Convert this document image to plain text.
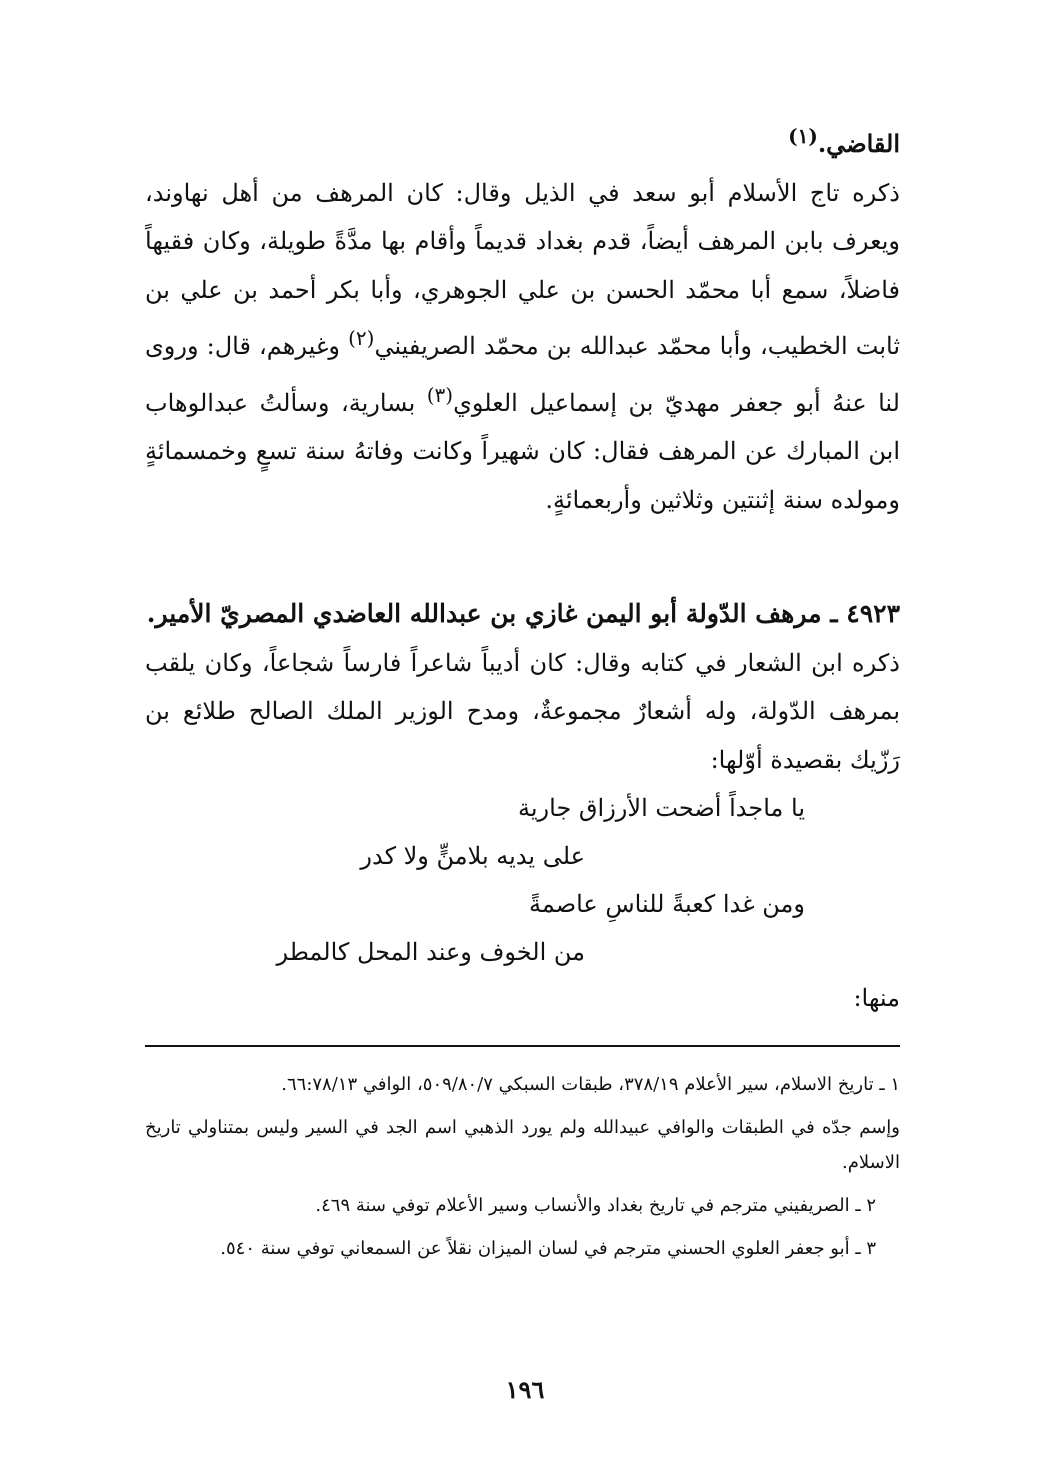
القاضي.$^{(١)}$

ذكره تاج الأسلام أبو سعد في الذيل وقال: كان المرهف من أهل نهاوند، ويعرف بابن المرهف أيضاً، قدم بغداد قديماً وأقام بها مدَّةً طويلة، وكان فقيهاً فاضلاً، سمع أبا محمّد الحسن بن علي الجوهري، وأبا بكر أحمد بن علي بن ثابت الخطيب، وأبا محمّد عبدالله بن محمّد الصريفيني$^{(٢)}$ وغيرهم، قال: وروى لنا عنهُ أبو جعفر مهديّ بن إسماعيل العلوي$^{(٣)}$ بسارية، وسألتُ عبدالوهاب ابن المبارك عن المرهف فقال: كان شهيراً وكانت وفاتهُ سنة تسعٍ وخمسمائةٍ ومولده سنة إثنتين وثلاثين وأربعمائةٍ.

٤٩٢٣ ـ مرهف الدّولة أبو اليمن غازي بن عبدالله العاضدي المصريّ الأمير.

ذكره ابن الشعار في كتابه وقال: كان أديباً شاعراً فارساً شجاعاً، وكان يلقب بمرهف الدّولة، وله أشعارٌ مجموعةٌ، ومدح الوزير الملك الصالح طلائع بن رَزّيك بقصيدة أوّلها:

يا ماجداً أضحت الأرزاق جارية
على يديه بلامنٍّ ولا كدر
ومن غدا كعبةً للناسِ عاصمةً
من الخوف وعند المحل كالمطر

منها:

١ ـ تاريخ الاسلام، سير الأعلام ٣٧٨/١٩، طبقات السبكي ٥٠٩/٨٠/٧، الوافي ٦٦:٧٨/١٣.

وإسم جدّه في الطبقات والوافي عبيدالله ولم يورد الذهبي اسم الجد في السير وليس بمتناولي تاريخ الاسلام.

٢ ـ الصريفيني مترجم في تاريخ بغداد والأنساب وسير الأعلام توفي سنة ٤٦٩.

٣ ـ أبو جعفر العلوي الحسني مترجم في لسان الميزان نقلاً عن السمعاني توفي سنة ٥٤٠.

١٩٦
